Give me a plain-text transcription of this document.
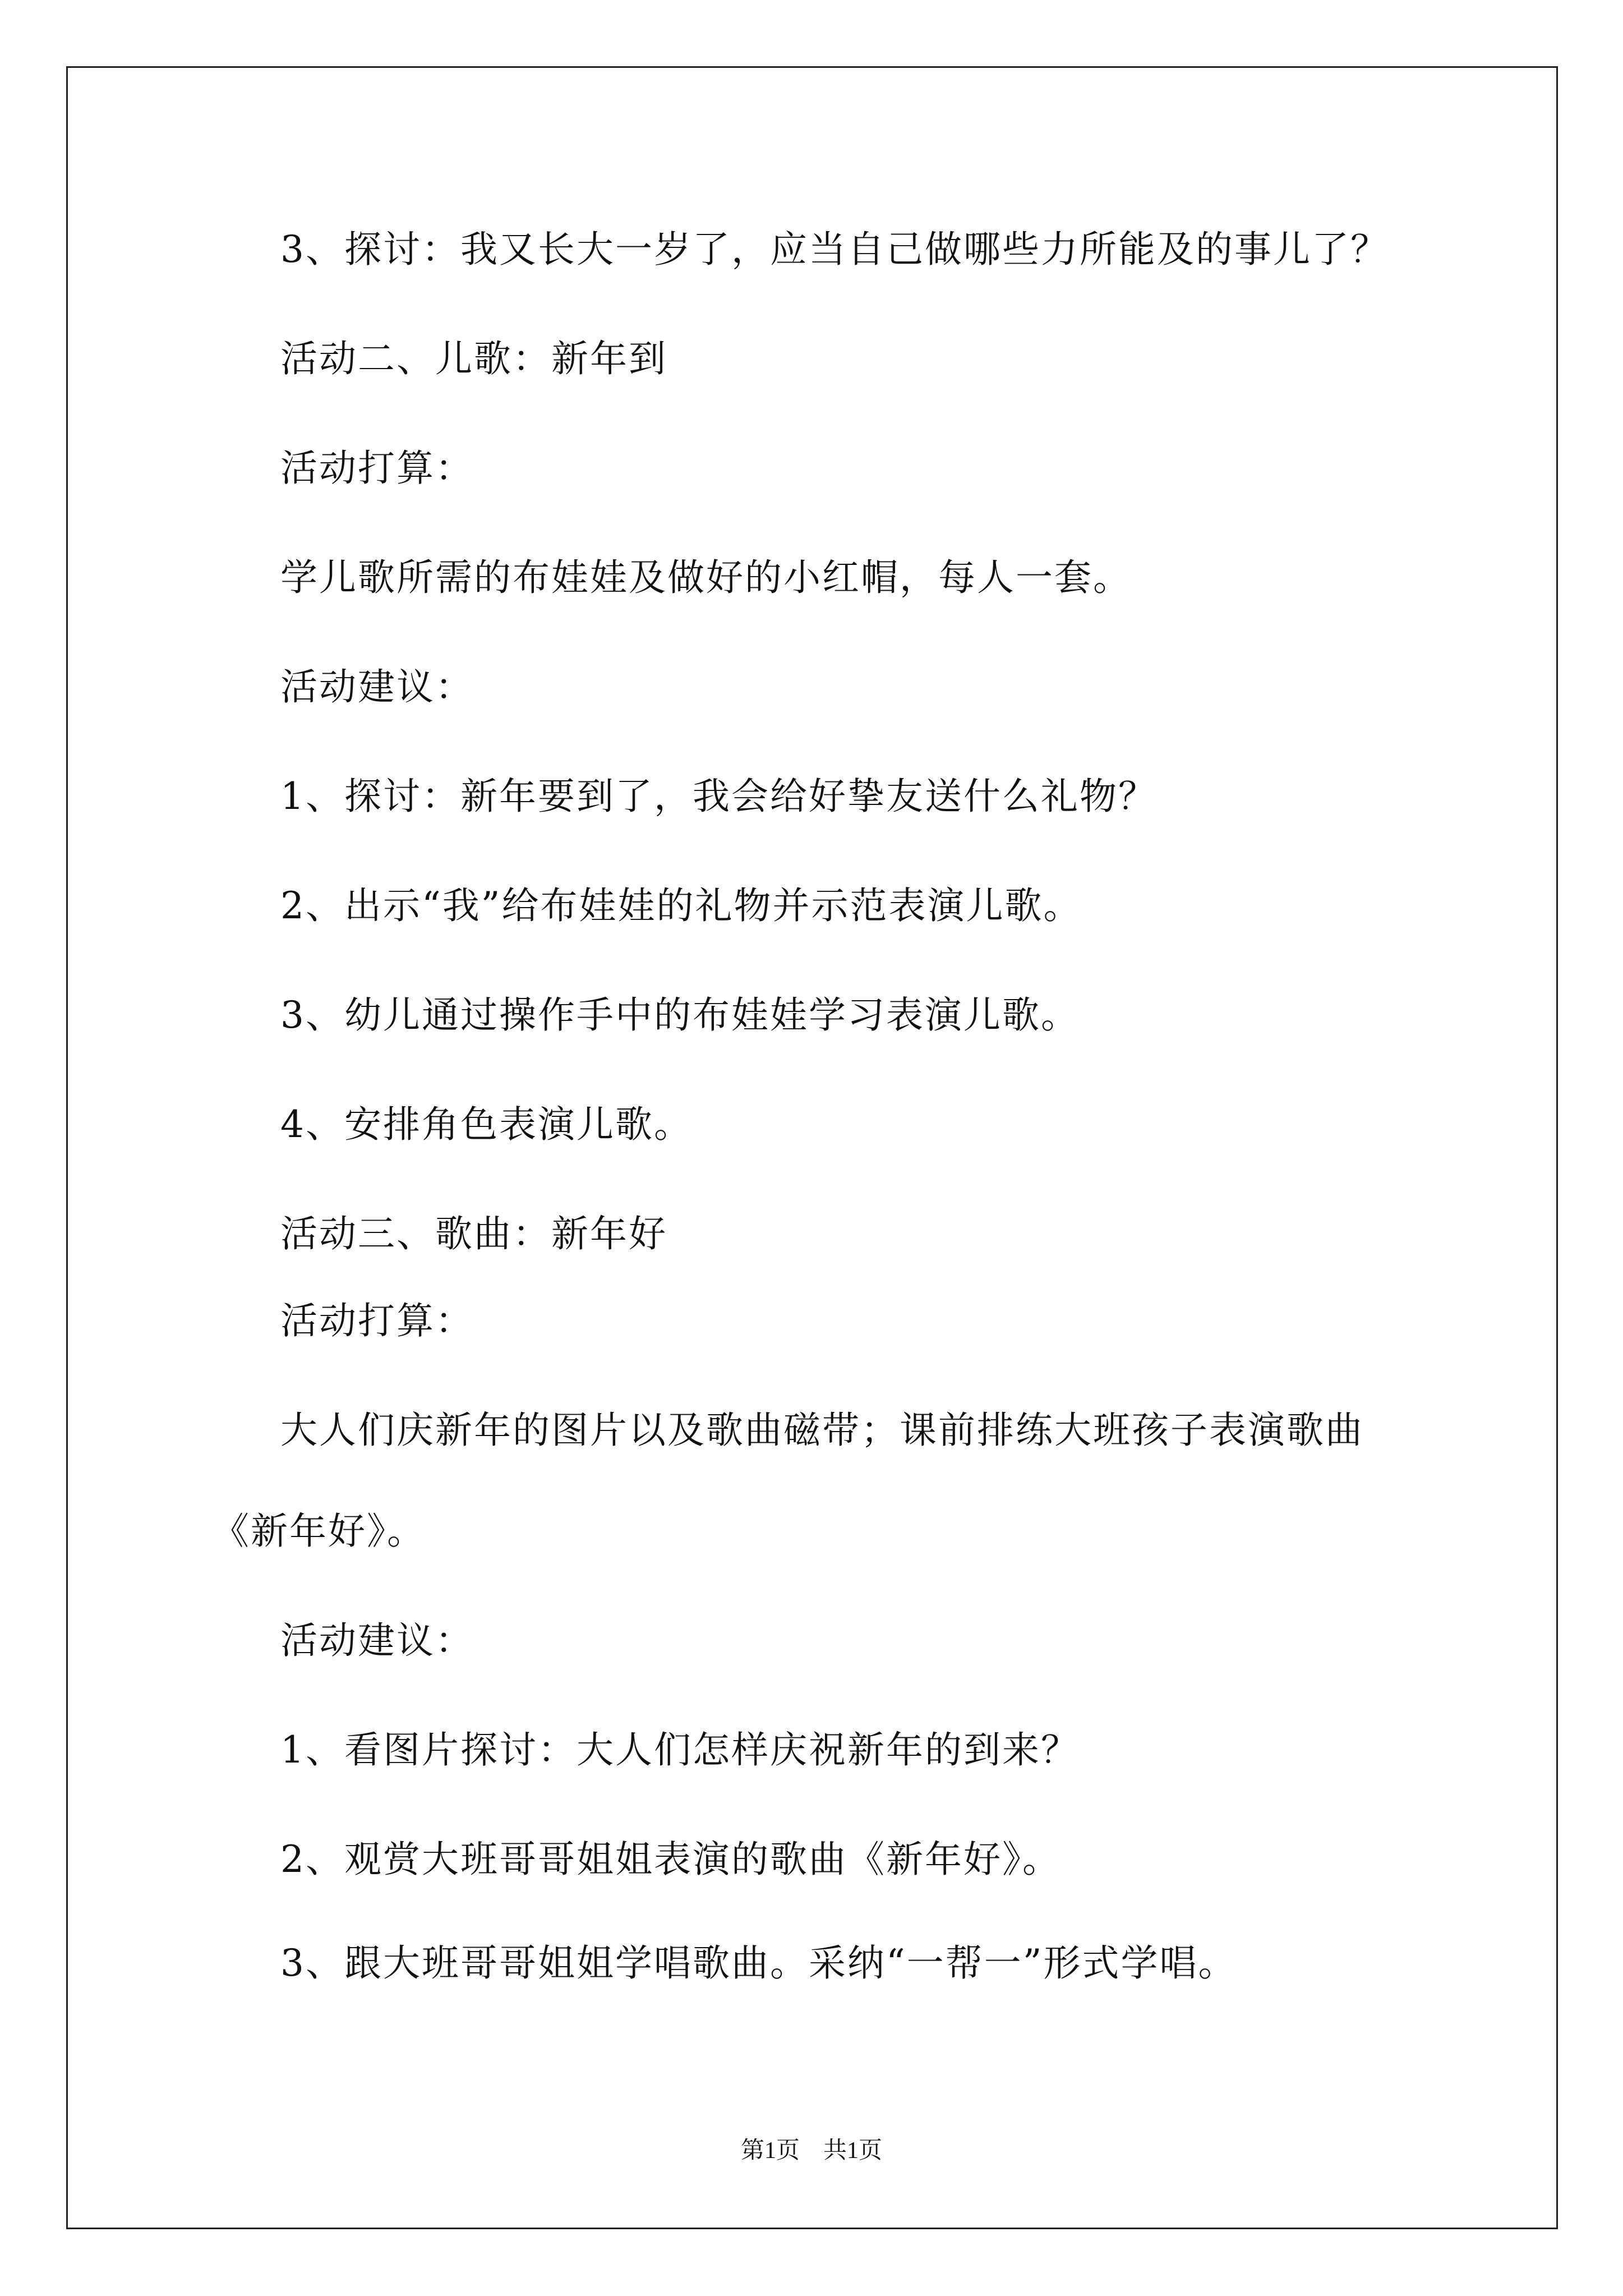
3、探讨：我又长大一岁了，应当自己做哪些力所能及的事儿了？
活动二、儿歌：新年到
活动打算：
学儿歌所需的布娃娃及做好的小红帽，每人一套。
活动建议：
1、探讨：新年要到了，我会给好挚友送什么礼物？
2、出示“我”给布娃娃的礼物并示范表演儿歌。
3、幼儿通过操作手中的布娃娃学习表演儿歌。
4、安排角色表演儿歌。
活动三、歌曲：新年好
活动打算：
大人们庆新年的图片以及歌曲磁带；课前排练大班孩子表演歌曲
《新年好》。
活动建议：
1、看图片探讨：大人们怎样庆祝新年的到来？
2、观赏大班哥哥姐姐表演的歌曲《新年好》。
3、跟大班哥哥姐姐学唱歌曲。采纳“一帮一”形式学唱。
第1页　共1页
